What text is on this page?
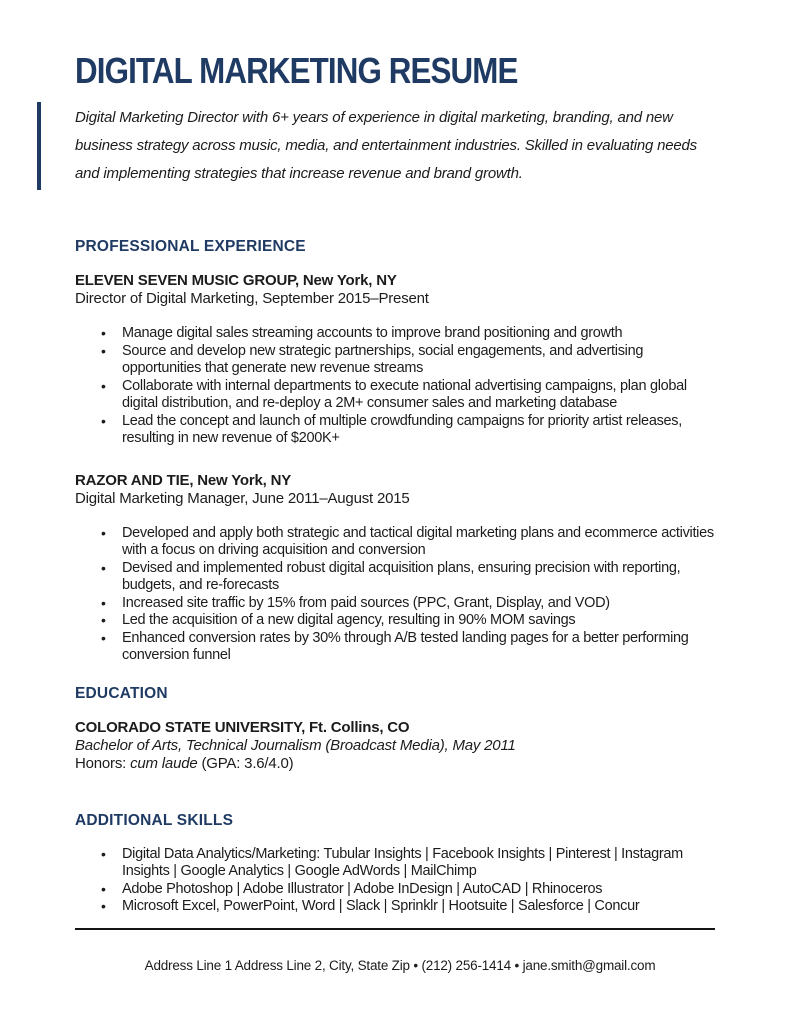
DIGITAL MARKETING RESUME

Digital Marketing Director with 6+ years of experience in digital marketing, branding, and new business strategy across music, media, and entertainment industries. Skilled in evaluating needs and implementing strategies that increase revenue and brand growth.

PROFESSIONAL EXPERIENCE

ELEVEN SEVEN MUSIC GROUP, New York, NY

Director of Digital Marketing, September 2015–Present

• Manage digital sales streaming accounts to improve brand positioning and growth
• Source and develop new strategic partnerships, social engagements, and advertising opportunities that generate new revenue streams
• Collaborate with internal departments to execute national advertising campaigns, plan global digital distribution, and re-deploy a 2M+ consumer sales and marketing database
• Lead the concept and launch of multiple crowdfunding campaigns for priority artist releases, resulting in new revenue of $200K+

RAZOR AND TIE, New York, NY

Digital Marketing Manager, June 2011–August 2015

• Developed and apply both strategic and tactical digital marketing plans and ecommerce activities with a focus on driving acquisition and conversion
• Devised and implemented robust digital acquisition plans, ensuring precision with reporting, budgets, and re-forecasts
• Increased site traffic by 15% from paid sources (PPC, Grant, Display, and VOD)
• Led the acquisition of a new digital agency, resulting in 90% MOM savings
• Enhanced conversion rates by 30% through A/B tested landing pages for a better performing conversion funnel
EDUCATION

COLORADO STATE UNIVERSITY, Ft. Collins, CO

Bachelor of Arts, Technical Journalism (Broadcast Media), May 2011

Honors: cum laude (GPA: 3.6/4.0)

ADDITIONAL SKILLS
• Digital Data Analytics/Marketing: Tubular Insights | Facebook Insights | Pinterest | Instagram Insights | Google Analytics | Google AdWords | MailChimp
• Adobe Photoshop | Adobe Illustrator | Adobe InDesign | AutoCAD | Rhinoceros
• Microsoft Excel, PowerPoint, Word | Slack | Sprinklr | Hootsuite | Salesforce | Concur

Address Line 1 Address Line 2, City, State Zip • (212) 256-1414 • jane.smith@gmail.com
